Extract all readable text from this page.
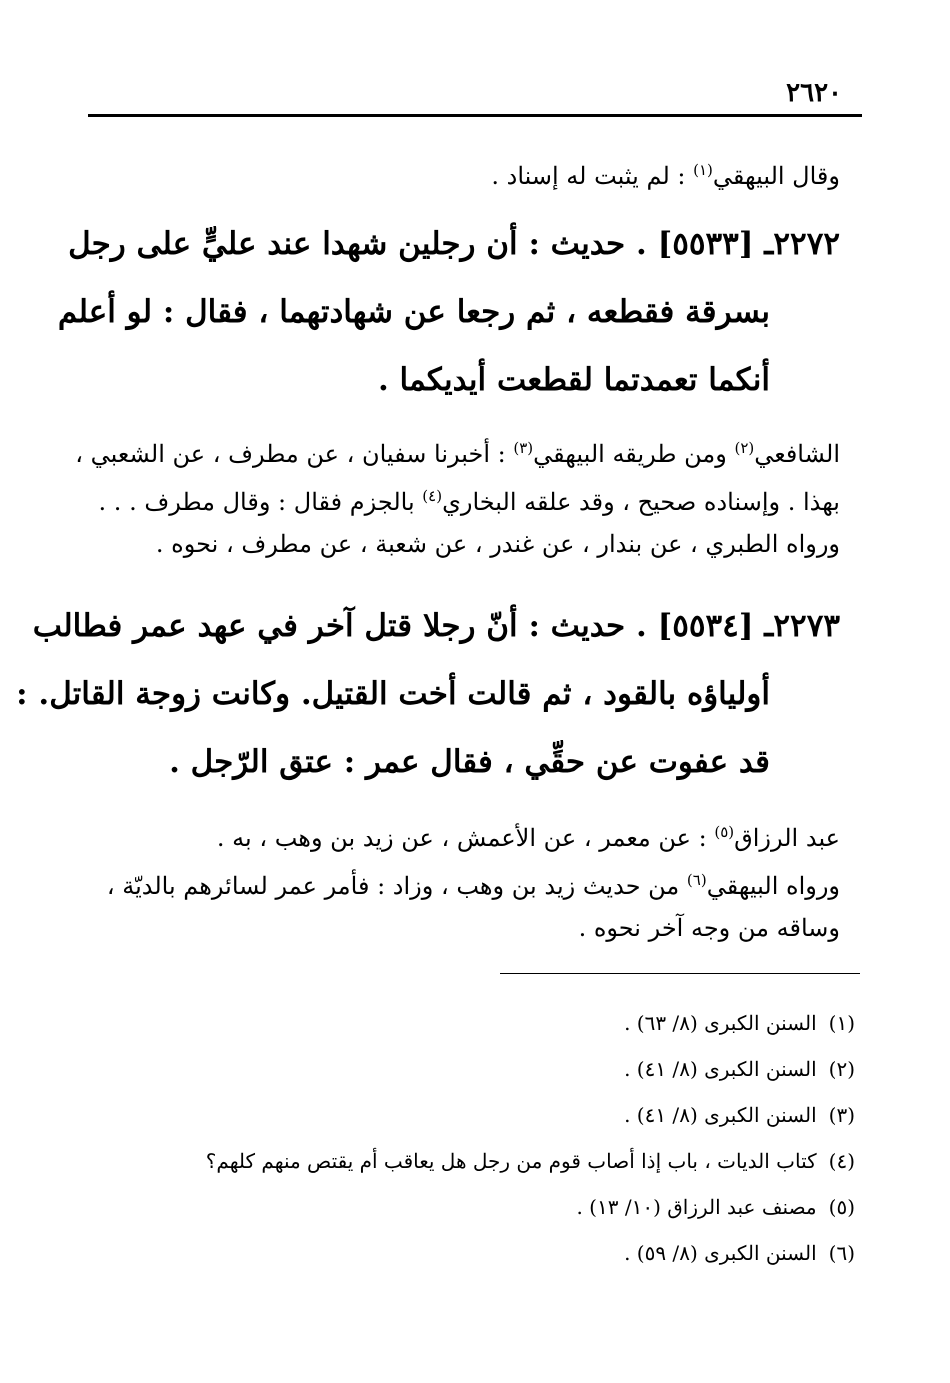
٢٦٢٠

وقال البيهقي$^{(١)}$ : لم يثبت له إسناد .

٢٢٧٢ـ [٥٥٣٣] . حديث : أن رجلين شهدا عند عليٍّ على رجل

بسرقة فقطعه ، ثم رجعا عن شهادتهما ، فقال : لو أعلم

أنكما تعمدتما لقطعت أيديكما .

الشافعي$^{(٢)}$ ومن طريقه البيهقي$^{(٣)}$ : أخبرنا سفيان ، عن مطرف ، عن الشعبي ،

بهذا . وإسناده صحيح ، وقد علقه البخاري$^{(٤)}$ بالجزم فقال : وقال مطرف . . .

ورواه الطبري ، عن بندار ، عن غندر ، عن شعبة ، عن مطرف ، نحوه .

٢٢٧٣ـ [٥٥٣٤] . حديث : أنّ رجلا قتل آخر في عهد عمر فطالب

أولياؤه بالقود ، ثم قالت أخت القتيل. وكانت زوجة القاتل. :

قد عفوت عن حقِّي ، فقال عمر : عتق الرّجل .

عبد الرزاق$^{(٥)}$ : عن معمر ، عن الأعمش ، عن زيد بن وهب ، به .

ورواه البيهقي$^{(٦)}$ من حديث زيد بن وهب ، وزاد : فأمر عمر لسائرهم بالديّة ،

وساقه من وجه آخر نحوه .

(١) السنن الكبرى (٨/ ٦٣) .
(٢) السنن الكبرى (٨/ ٤١) .
(٣) السنن الكبرى (٨/ ٤١) .
(٤) كتاب الديات ، باب إذا أصاب قوم من رجل هل يعاقب أم يقتص منهم كلهم؟
(٥) مصنف عبد الرزاق (١٠/ ١٣) .
(٦) السنن الكبرى (٨/ ٥٩) .
